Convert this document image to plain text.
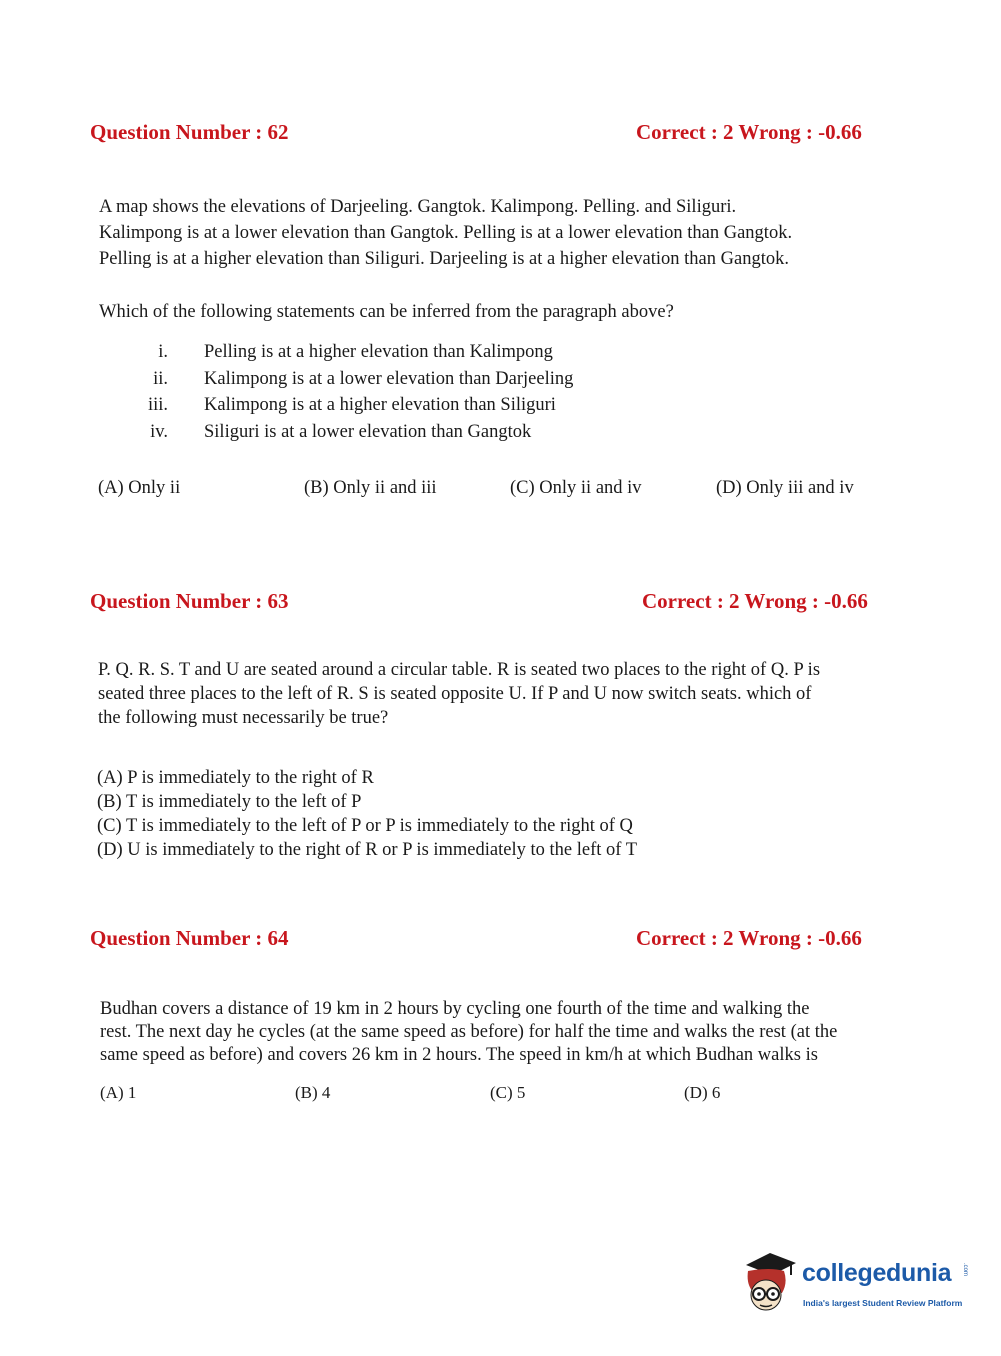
Question Number : 62	Correct : 2 Wrong : -0.66
A map shows the elevations of Darjeeling. Gangtok. Kalimpong. Pelling. and Siliguri.
Kalimpong is at a lower elevation than Gangtok. Pelling is at a lower elevation than Gangtok.
Pelling is at a higher elevation than Siliguri. Darjeeling is at a higher elevation than Gangtok.
Which of the following statements can be inferred from the paragraph above?
i. Pelling is at a higher elevation than Kalimpong
ii. Kalimpong is at a lower elevation than Darjeeling
iii. Kalimpong is at a higher elevation than Siliguri
iv. Siliguri is at a lower elevation than Gangtok
(A) Only ii	(B) Only ii and iii	(C) Only ii and iv	(D) Only iii and iv
Question Number : 63	Correct : 2 Wrong : -0.66
P. Q. R. S. T and U are seated around a circular table. R is seated two places to the right of Q. P is
seated three places to the left of R. S is seated opposite U. If P and U now switch seats. which of
the following must necessarily be true?
(A) P is immediately to the right of R
(B) T is immediately to the left of P
(C) T is immediately to the left of P or P is immediately to the right of Q
(D) U is immediately to the right of R or P is immediately to the left of T
Question Number : 64	Correct : 2 Wrong : -0.66
Budhan covers a distance of 19 km in 2 hours by cycling one fourth of the time and walking the
rest. The next day he cycles (at the same speed as before) for half the time and walks the rest (at the
same speed as before) and covers 26 km in 2 hours. The speed in km/h at which Budhan walks is
(A) 1	(B) 4	(C) 5	(D) 6
collegedunia .com
India's largest Student Review Platform
